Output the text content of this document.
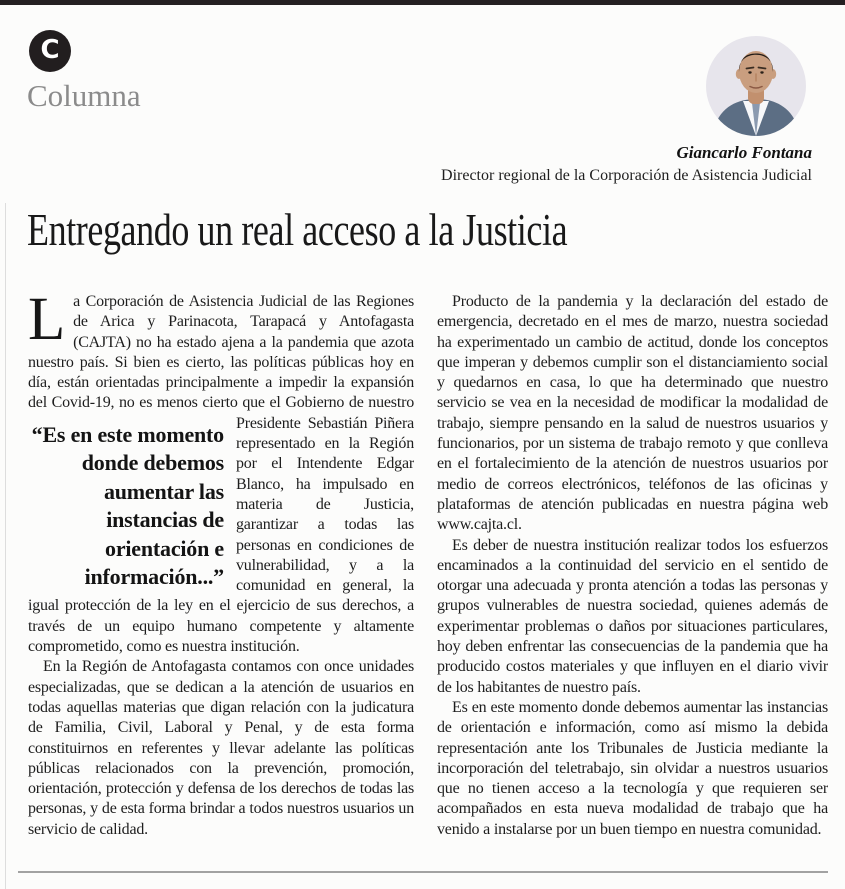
C
Columna
Giancarlo Fontana
Director regional de la Corporación de Asistencia Judicial
Entregando un real acceso a la Justicia

La Corporación de Asistencia Judicial de las Regiones de Arica y Parinacota, Tarapacá y Antofagasta (CAJTA) no ha estado ajena a la pandemia que azota nuestro país. Si bien es cierto, las políticas públicas hoy en día, están orientadas principalmente a impedir la expansión del Covid-19, no es menos cierto que el Gobierno de nuestro
“Es en este momento donde debemos aumentar las instancias de orientación e información...”
Presidente Sebastián Piñera representado en la Región por el Intendente Edgar Blanco, ha impulsado en materia de Justicia, garantizar a todas las personas en condiciones de vulnerabilidad, y a la comunidad en general, la igual protección de la ley en el ejercicio de sus derechos, a través de un equipo humano competente y altamente comprometido, como es nuestra institución.

En la Región de Antofagasta contamos con once unidades especializadas, que se dedican a la atención de usuarios en todas aquellas materias que digan relación con la judicatura de Familia, Civil, Laboral y Penal, y de esta forma constituirnos en referentes y llevar adelante las políticas públicas relacionados con la prevención, promoción, orientación, protección y defensa de los derechos de todas las personas, y de esta forma brindar a todos nuestros usuarios un servicio de calidad.

Producto de la pandemia y la declaración del estado de emergencia, decretado en el mes de marzo, nuestra sociedad ha experimentado un cambio de actitud, donde los conceptos que imperan y debemos cumplir son el distanciamiento social y quedarnos en casa, lo que ha determinado que nuestro servicio se vea en la necesidad de modificar la modalidad de trabajo, siempre pensando en la salud de nuestros usuarios y funcionarios, por un sistema de trabajo remoto y que conlleva en el fortalecimiento de la atención de nuestros usuarios por medio de correos electrónicos, teléfonos de las oficinas y plataformas de atención publicadas en nuestra página web www.cajta.cl.

Es deber de nuestra institución realizar todos los esfuerzos encaminados a la continuidad del servicio en el sentido de otorgar una adecuada y pronta atención a todas las personas y grupos vulnerables de nuestra sociedad, quienes además de experimentar problemas o daños por situaciones particulares, hoy deben enfrentar las consecuencias de la pandemia que ha producido costos materiales y que influyen en el diario vivir de los habitantes de nuestro país.

Es en este momento donde debemos aumentar las instancias de orientación e información, como así mismo la debida representación ante los Tribunales de Justicia mediante la incorporación del teletrabajo, sin olvidar a nuestros usuarios que no tienen acceso a la tecnología y que requieren ser acompañados en esta nueva modalidad de trabajo que ha venido a instalarse por un buen tiempo en nuestra comunidad.
